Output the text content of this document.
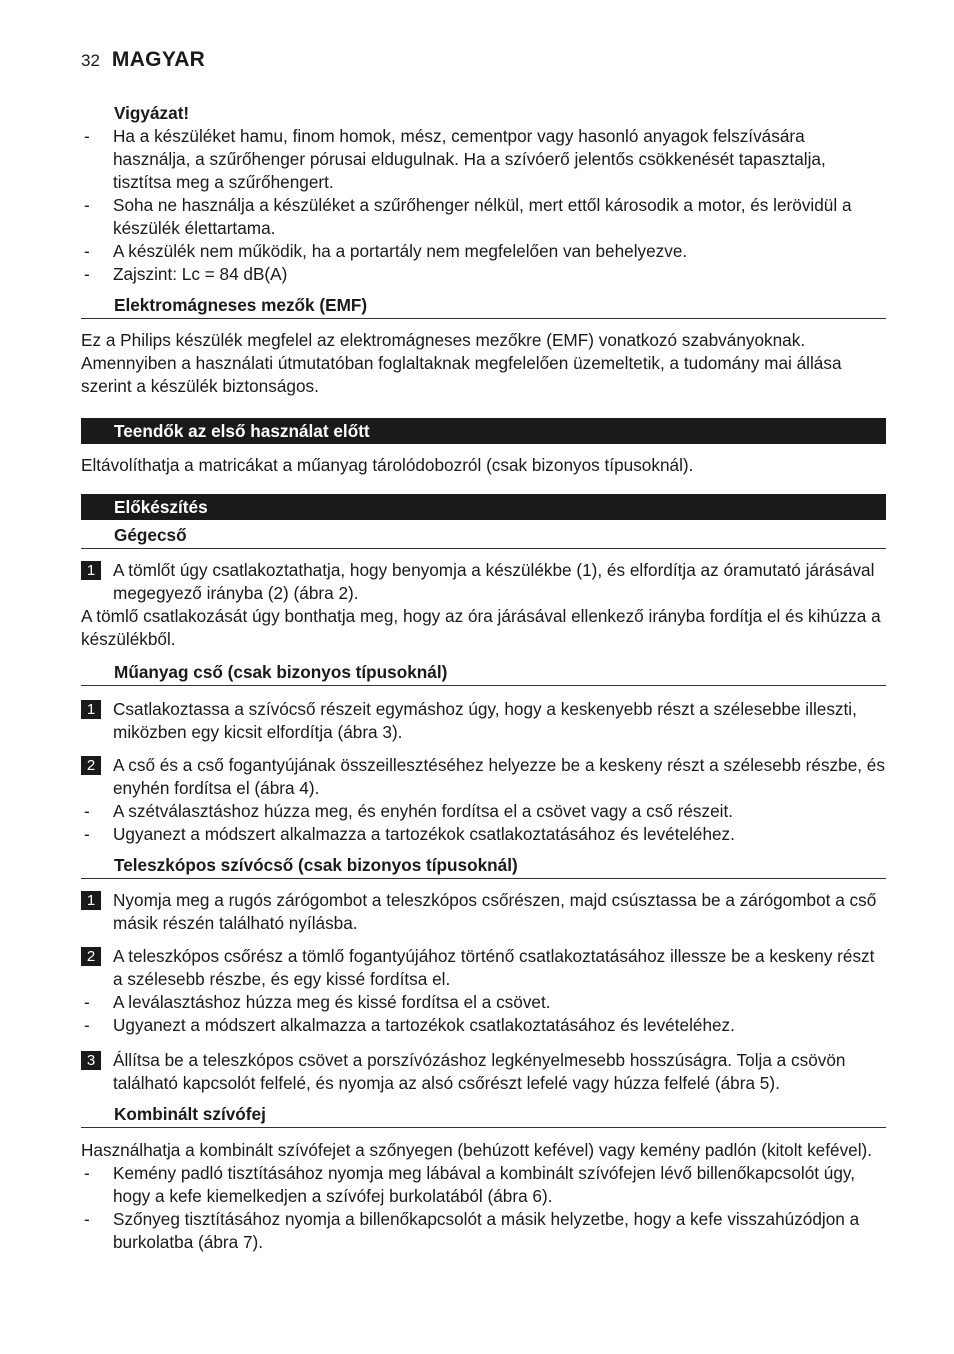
32 MAGYAR
Vigyázat!
- Ha a készüléket hamu, finom homok, mész, cementpor vagy hasonló anyagok felszívására használja, a szűrőhenger pórusai eldugulnak. Ha a szívóerő jelentős csökkenését tapasztalja, tisztítsa meg a szűrőhengert.
- Soha ne használja a készüléket a szűrőhenger nélkül, mert ettől károsodik a motor, és lerövidül a készülék élettartama.
- A készülék nem működik, ha a portartály nem megfelelően van behelyezve.
- Zajszint: Lc = 84 dB(A)
Elektromágneses mezők (EMF)

Ez a Philips készülék megfelel az elektromágneses mezőkre (EMF) vonatkozó szabványoknak. Amennyiben a használati útmutatóban foglaltaknak megfelelően üzemeltetik, a tudomány mai állása szerint a készülék biztonságos.

Teendők az első használat előtt

Eltávolíthatja a matricákat a műanyag tárolódobozról (csak bizonyos típusoknál).

Előkészítés
Gégecső
1	A tömlőt úgy csatlakoztathatja, hogy benyomja a készülékbe (1), és elfordítja az óramutató járásával megegyező irányba (2) (ábra 2).

A tömlő csatlakozását úgy bonthatja meg, hogy az óra járásával ellenkező irányba fordítja el és kihúzza a készülékből.

Műanyag cső (csak bizonyos típusoknál)
1	Csatlakoztassa a szívócső részeit egymáshoz úgy, hogy a keskenyebb részt a szélesebbe illeszti, miközben egy kicsit elfordítja (ábra 3).
2	A cső és a cső fogantyújának összeillesztéséhez helyezze be a keskeny részt a szélesebb részbe, és enyhén fordítsa el (ábra 4).
- A szétválasztáshoz húzza meg, és enyhén fordítsa el a csövet vagy a cső részeit.
- Ugyanezt a módszert alkalmazza a tartozékok csatlakoztatásához és levételéhez.
Teleszkópos szívócső (csak bizonyos típusoknál)
1	Nyomja meg a rugós zárógombot a teleszkópos csőrészen, majd csúsztassa be a zárógombot a cső másik részén található nyílásba.
2	A teleszkópos csőrész a tömlő fogantyújához történő csatlakoztatásához illessze be a keskeny részt a szélesebb részbe, és egy kissé fordítsa el.
- A leválasztáshoz húzza meg és kissé fordítsa el a csövet.
- Ugyanezt a módszert alkalmazza a tartozékok csatlakoztatásához és levételéhez.
3	Állítsa be a teleszkópos csövet a porszívózáshoz legkényelmesebb hosszúságra. Tolja a csövön található kapcsolót felfelé, és nyomja az alsó csőrészt lefelé vagy húzza felfelé (ábra 5).
Kombinált szívófej

Használhatja a kombinált szívófejet a szőnyegen (behúzott kefével) vagy kemény padlón (kitolt kefével).

- Kemény padló tisztításához nyomja meg lábával a kombinált szívófejen lévő billenőkapcsolót úgy, hogy a kefe kiemelkedjen a szívófej burkolatából (ábra 6).
- Szőnyeg tisztításához nyomja a billenőkapcsolót a másik helyzetbe, hogy a kefe visszahúzódjon a burkolatba (ábra 7).
